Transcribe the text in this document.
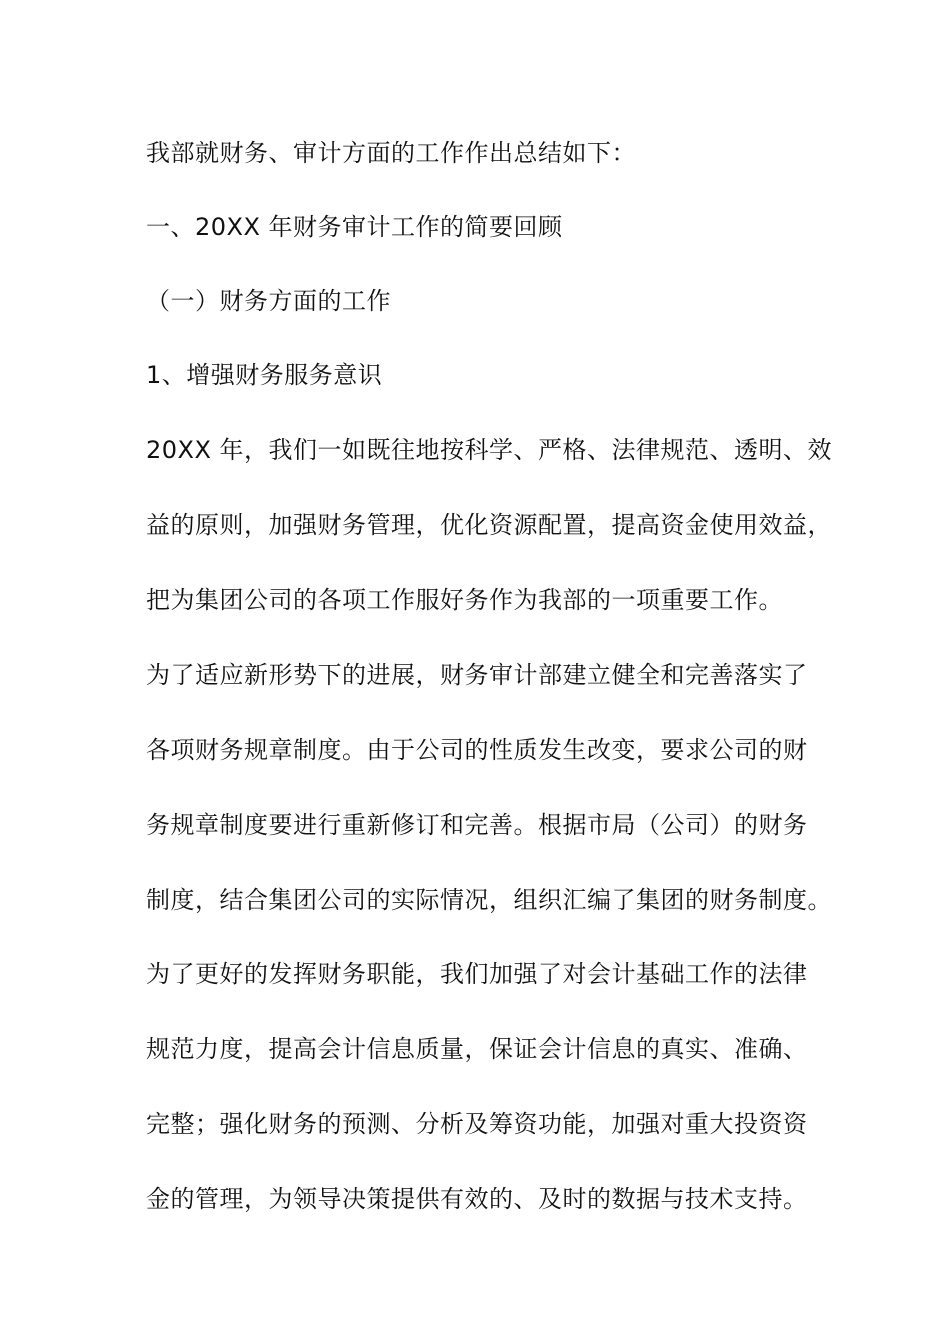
我部就财务、审计方面的工作作出总结如下：
一、20XX 年财务审计工作的简要回顾
（一）财务方面的工作
1、增强财务服务意识
20XX 年，我们一如既往地按科学、严格、法律规范、透明、效
益的原则，加强财务管理，优化资源配置，提高资金使用效益，
把为集团公司的各项工作服好务作为我部的一项重要工作。
为了适应新形势下的进展，财务审计部建立健全和完善落实了
各项财务规章制度。由于公司的性质发生改变，要求公司的财
务规章制度要进行重新修订和完善。根据市局（公司）的财务
制度，结合集团公司的实际情况，组织汇编了集团的财务制度。
为了更好的发挥财务职能，我们加强了对会计基础工作的法律
规范力度，提高会计信息质量，保证会计信息的真实、准确、
完整；强化财务的预测、分析及筹资功能，加强对重大投资资
金的管理，为领导决策提供有效的、及时的数据与技术支持。
